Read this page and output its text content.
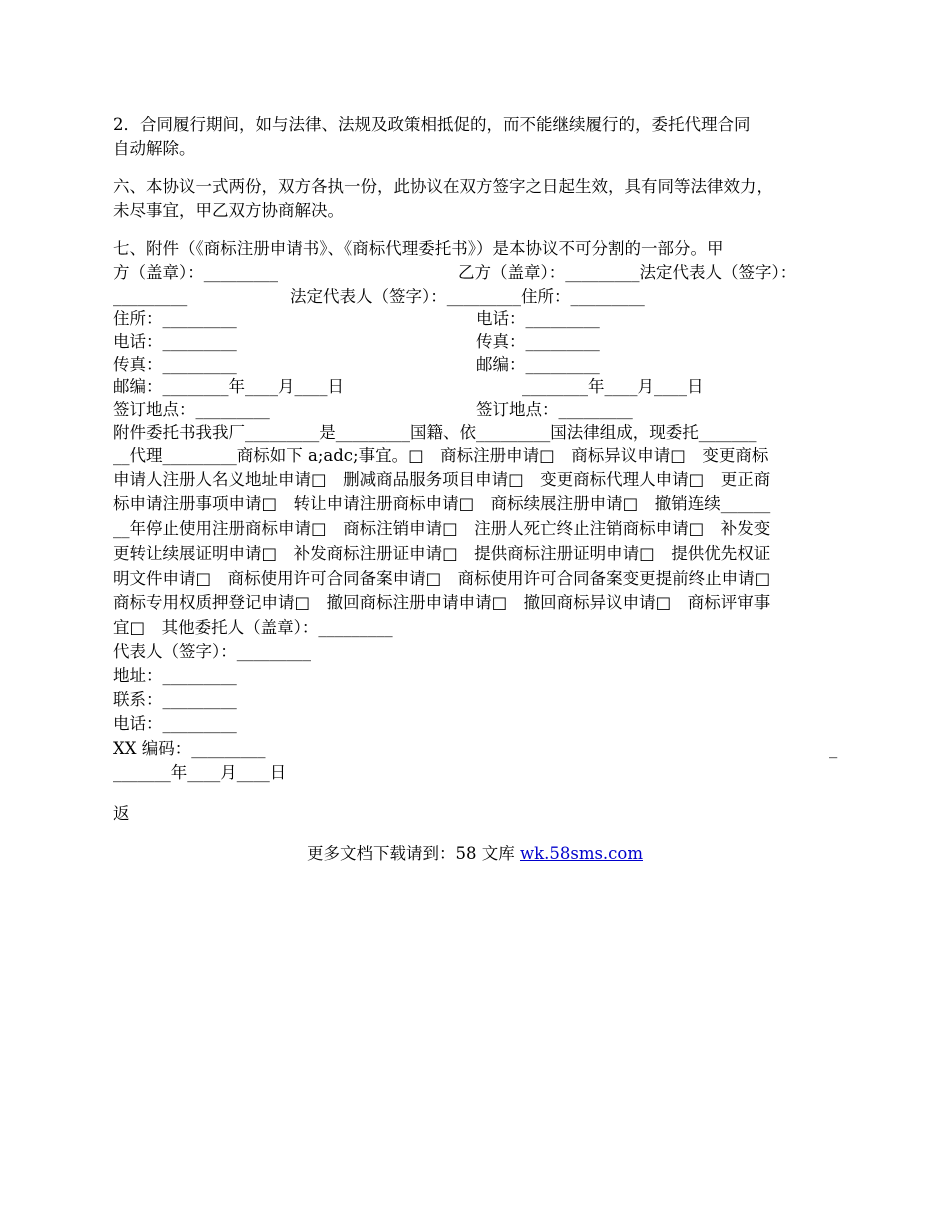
2．合同履行期间，如与法律、法规及政策相抵促的，而不能继续履行的，委托代理合同
自动解除。
六、本协议一式两份，双方各执一份，此协议在双方签字之日起生效，具有同等法律效力，
未尽事宜，甲乙双方协商解决。
七、附件（《商标注册申请书》、《商标代理委托书》）是本协议不可分割的一部分。甲
方（盖章）：_________	乙方（盖章）：_________法定代表人（签字）：
_________	法定代表人（签字）：_________住所：_________
住所：_________	电话：_________
电话：_________	传真：_________
传真：_________	邮编：_________
邮编：________年____月____日	________年____月____日
签订地点：_________	签订地点：_________
附件委托书我我厂_________是_________国籍、依_________国法律组成，现委托_______
__代理_________商标如下 a;adc;事宜。□　商标注册申请□　商标异议申请□　变更商标
申请人注册人名义地址申请□　删减商品服务项目申请□　变更商标代理人申请□　更正商
标申请注册事项申请□　转让申请注册商标申请□　商标续展注册申请□　撤销连续______
__年停止使用注册商标申请□　商标注销申请□　注册人死亡终止注销商标申请□　补发变
更转让续展证明申请□　补发商标注册证申请□　提供商标注册证明申请□　提供优先权证
明文件申请□　商标使用许可合同备案申请□　商标使用许可合同备案变更提前终止申请□
商标专用权质押登记申请□　撤回商标注册申请申请□　撤回商标异议申请□　商标评审事
宜□　其他委托人（盖章）：_________
代表人（签字）：_________
地址：_________
联系：_________
电话：_________
XX 编码：_________	_
_______年____月____日
返
更多文档下载请到：58 文库 wk.58sms.com
